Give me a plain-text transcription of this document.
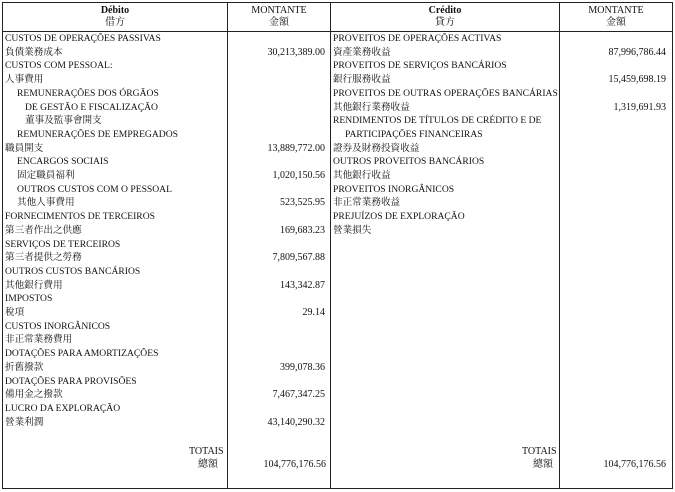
Débito
借方
MONTANTE
金額
Crédito
貸方
MONTANTE
金額
CUSTOS DE OPERAÇÕES PASSIVAS
負債業務成本
CUSTOS COM PESSOAL:
人事費用
REMUNERAÇÕES DOS ÓRGÃOS
DE GESTÃO E FISCALIZAÇÃO
董事及監事會開支
REMUNERAÇÕES DE EMPREGADOS
職員開支
ENCARGOS SOCIAIS
固定職員福利
OUTROS CUSTOS COM O PESSOAL
其他人事費用
FORNECIMENTOS DE TERCEIROS
第三者作出之供應
SERVIÇOS DE TERCEIROS
第三者提供之勞務
OUTROS CUSTOS BANCÁRIOS
其他銀行費用
IMPOSTOS
稅項
CUSTOS INORGÂNICOS
非正常業務費用
DOTAÇÕES PARA AMORTIZAÇÕES
折舊撥款
DOTAÇÕES PARA PROVISÕES
備用金之撥款
LUCRO DA EXPLORAÇÃO
營業利潤
30,213,389.00
13,889,772.00
1,020,150.56
523,525.95
169,683.23
7,809,567.88
143,342.87
29.14
399,078.36
7,467,347.25
43,140,290.32
PROVEITOS DE OPERAÇÕES ACTIVAS
資產業務收益
PROVEITOS DE SERVIÇOS BANCÁRIOS
銀行服務收益
PROVEITOS DE OUTRAS OPERAÇÕES BANCÁRIAS
其他銀行業務收益
RENDIMENTOS DE TÍTULOS DE CRÉDITO E DE
PARTICIPAÇÕES FINANCEIRAS
證券及財務投資收益
OUTROS PROVEITOS BANCÁRIOS
其他銀行收益
PROVEITOS INORGÂNICOS
非正常業務收益
PREJUÍZOS DE EXPLORAÇÃO
營業損失
87,996,786.44
15,459,698.19
1,319,691.93
TOTAIS
總額	104,776,176.56
TOTAIS
總額	104,776,176.56
